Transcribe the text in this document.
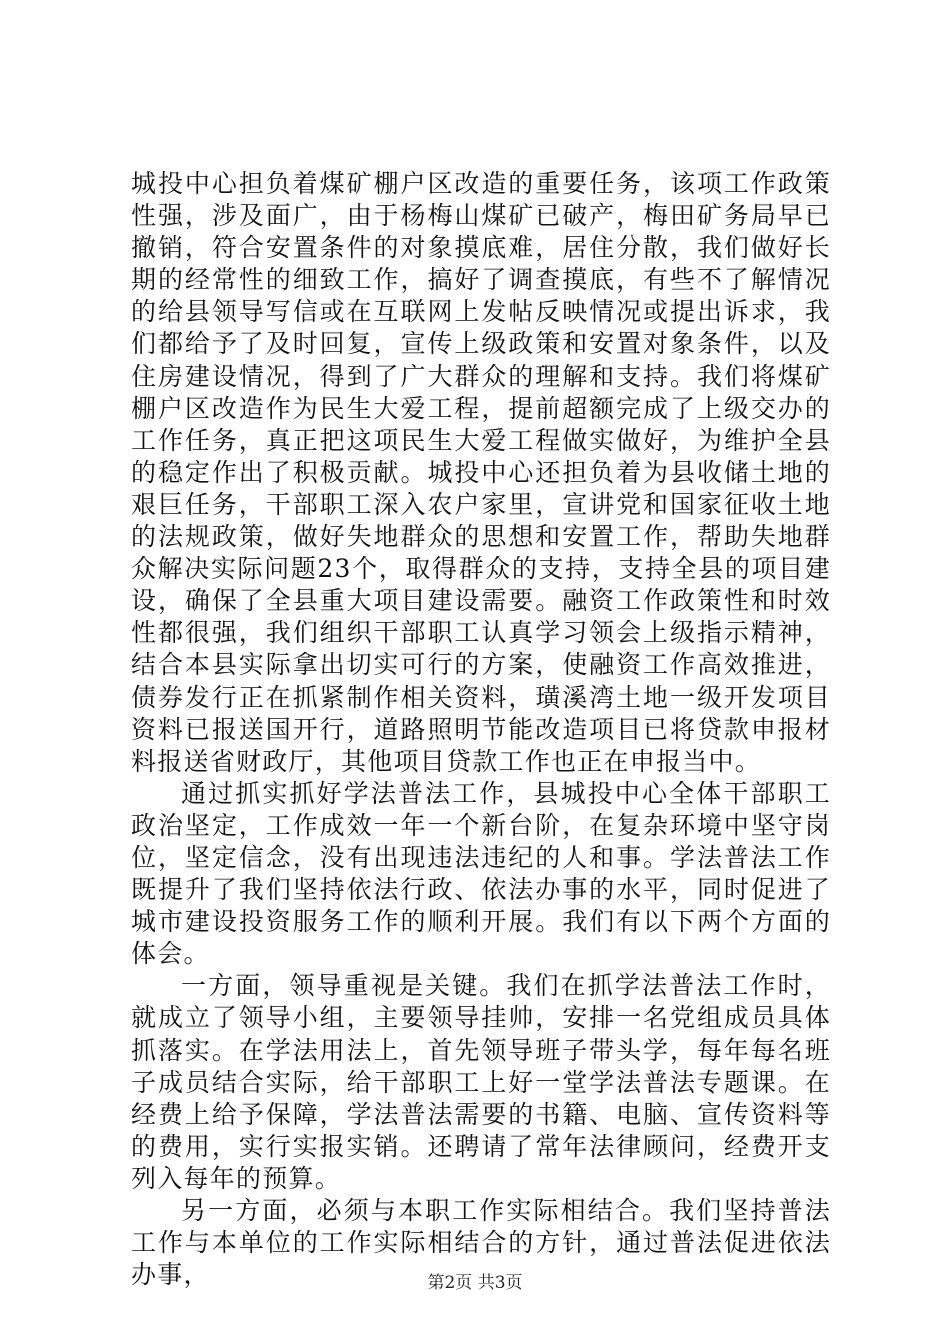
城投中心担负着煤矿棚户区改造的重要任务，该项工作政策性强，涉及面广，由于杨梅山煤矿已破产，梅田矿务局早已撤销，符合安置条件的对象摸底难，居住分散，我们做好长期的经常性的细致工作，搞好了调查摸底，有些不了解情况的给县领导写信或在互联网上发帖反映情况或提出诉求，我们都给予了及时回复，宣传上级政策和安置对象条件，以及住房建设情况，得到了广大群众的理解和支持。我们将煤矿棚户区改造作为民生大爱工程，提前超额完成了上级交办的工作任务，真正把这项民生大爱工程做实做好，为维护全县的稳定作出了积极贡献。城投中心还担负着为县收储土地的艰巨任务，干部职工深入农户家里，宣讲党和国家征收土地的法规政策，做好失地群众的思想和安置工作，帮助失地群众解决实际问题23个，取得群众的支持，支持全县的项目建设，确保了全县重大项目建设需要。融资工作政策性和时效性都很强，我们组织干部职工认真学习领会上级指示精神，结合本县实际拿出切实可行的方案，使融资工作高效推进，债券发行正在抓紧制作相关资料，璜溪湾土地一级开发项目资料已报送国开行，道路照明节能改造项目已将贷款申报材料报送省财政厅，其他项目贷款工作也正在申报当中。

通过抓实抓好学法普法工作，县城投中心全体干部职工政治坚定，工作成效一年一个新台阶，在复杂环境中坚守岗位，坚定信念，没有出现违法违纪的人和事。学法普法工作既提升了我们坚持依法行政、依法办事的水平，同时促进了城市建设投资服务工作的顺利开展。我们有以下两个方面的体会。

一方面，领导重视是关键。我们在抓学法普法工作时，就成立了领导小组，主要领导挂帅，安排一名党组成员具体抓落实。在学法用法上，首先领导班子带头学，每年每名班子成员结合实际，给干部职工上好一堂学法普法专题课。在经费上给予保障，学法普法需要的书籍、电脑、宣传资料等的费用，实行实报实销。还聘请了常年法律顾问，经费开支列入每年的预算。

另一方面，必须与本职工作实际相结合。我们坚持普法工作与本单位的工作实际相结合的方针，通过普法促进依法办事，	第2页 共3页
